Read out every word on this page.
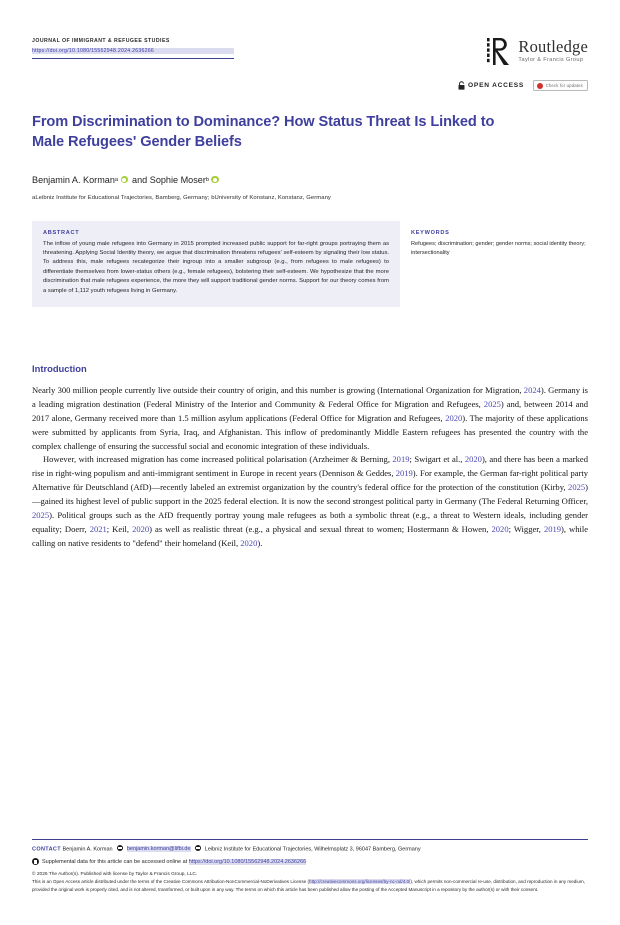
JOURNAL OF IMMIGRANT & REFUGEE STUDIES
https://doi.org/10.1080/15562948.2024.2636266	Routledge
Taylor & Francis Group
OPEN ACCESS	Check for updates
From Discrimination to Dominance? How Status Threat Is Linked to Male Refugees' Gender Beliefs
Benjamin A. Korman a and
Sophie Moser b
aLeibniz Institute for Educational Trajectories, Bamberg, Germany; bUniversity of Konstanz, Konstanz, Germany
ABSTRACT
The inflow of young male refugees into Germany in 2015 prompted increased public support for far-right groups portraying them as threatening. Applying Social Identity theory, we argue that discrimination threatens refugees' self-esteem by signaling their low status. To address this, male refugees recategorize their ingroup into a smaller subgroup (e.g., from refugees to male refugees) to differentiate themselves from lower-status others (e.g., female refugees), bolstering their self-esteem. We hypothesize that the more discrimination that male refugees experience, the more they will support traditional gender norms. Support for our theory comes from a sample of 1,112 youth refugees living in Germany.
KEYWORDS
Refugees; discrimination; gender; gender norms; social identity theory; intersectionality
Introduction

Nearly 300 million people currently live outside their country of origin, and this number is growing (International Organization for Migration, 2024). Germany is a leading migration destination (Federal Ministry of the Interior and Community & Federal Office for Migration and Refugees, 2025) and, between 2014 and 2017 alone, Germany received more than 1.5 million asylum applications (Federal Office for Migration and Refugees, 2020). The majority of these applications were submitted by applicants from Syria, Iraq, and Afghanistan. This inflow of predominantly Middle Eastern refugees has presented the country with the complex challenge of ensuring the successful social and economic integration of these individuals.

However, with increased migration has come increased political polarisation (Arzheimer & Berning, 2019; Swigart et al., 2020), and there has been a marked rise in right-wing populism and anti-immigrant sentiment in Europe in recent years (Dennison & Geddes, 2019). For example, the German far-right political party Alternative für Deutschland (AfD)—recently labeled an extremist organization by the country's federal office for the protection of the constitution (Kirby, 2025)—gained its highest level of public support in the 2025 federal election. It is now the second strongest political party in Germany (The Federal Returning Officer, 2025). Political groups such as the AfD frequently portray young male refugees as both a symbolic threat (e.g., a threat to Western ideals, including gender equality; Doerr, 2021; Keil, 2020) as well as realistic threat (e.g., a physical and sexual threat to women; Hostermann & Howen, 2020; Wigger, 2019), while calling on native residents to "defend" their homeland (Keil, 2020).

CONTACT Benjamin A. Korman	benjamin.korman@lifbi.de	Leibniz Institute for Educational Trajectories, Wilhelmsplatz 3, 96047 Bamberg, Germany
Supplemental data for this article can be accessed online at https://doi.org/10.1080/15562948.2024.2636266
© 2026 The Author(s). Published with license by Taylor & Francis Group, LLC.
This is an Open Access article distributed under the terms of the Creative Commons Attribution-NonCommercial-NoDerivatives License (http://creativecommons.org/licenses/by-nc-nd/4.0/), which permits non-commercial re-use, distribution, and reproduction in any medium, provided the original work is properly cited, and is not altered, transformed, or built upon in any way. The terms on which this article has been published allow the posting of the Accepted Manuscript in a repository by the author(s) or with their consent.
